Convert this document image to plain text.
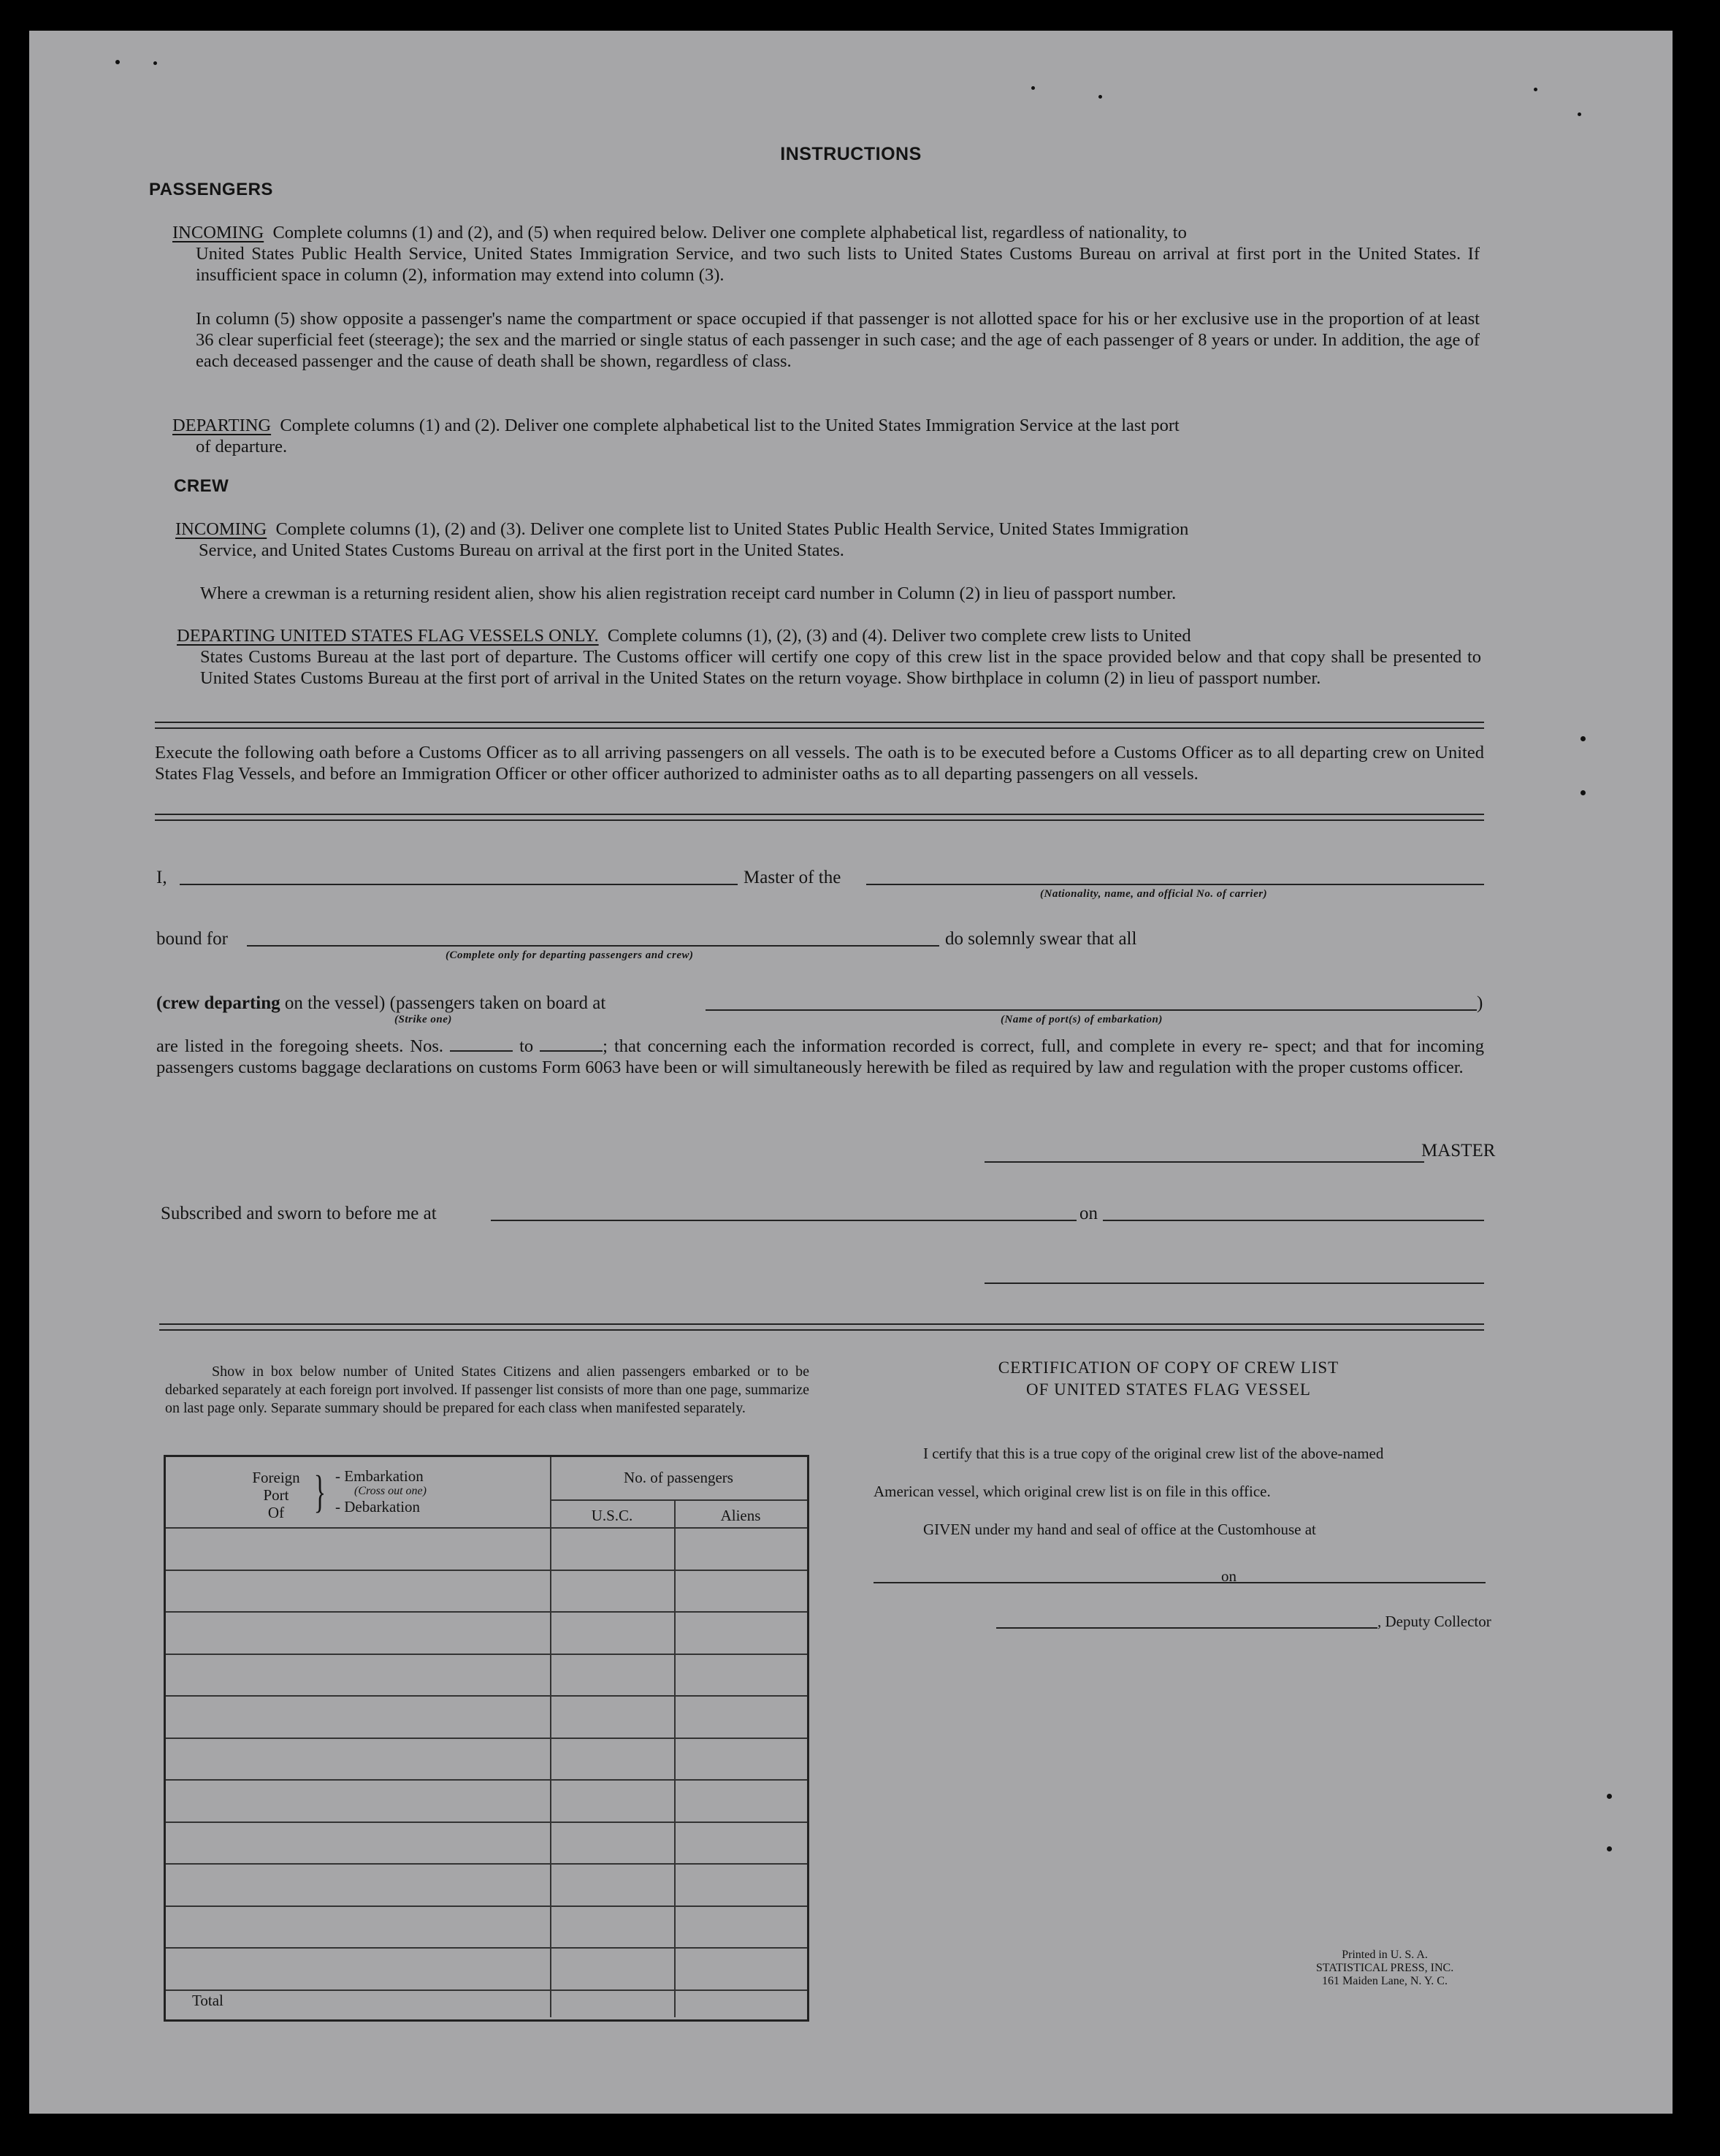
INSTRUCTIONS
PASSENGERS
INCOMING Complete columns (1) and (2), and (5) when required below. Deliver one complete alphabetical list, regardless of nationality, to
United States Public Health Service, United States Immigration Service, and two such lists to United States Customs Bureau on arrival at first port in the United States. If insufficient space in column (2), information may extend into column (3).
In column (5) show opposite a passenger's name the compartment or space occupied if that passenger is not allotted space for his or her exclusive use in the proportion of at least 36 clear superficial feet (steerage); the sex and the married or single status of each passenger in such case; and the age of each passenger of 8 years or under. In addition, the age of each deceased passenger and the cause of death shall be shown, regardless of class.
DEPARTING Complete columns (1) and (2). Deliver one complete alphabetical list to the United States Immigration Service at the last port
of departure.
CREW
INCOMING Complete columns (1), (2) and (3). Deliver one complete list to United States Public Health Service, United States Immigration
Service, and United States Customs Bureau on arrival at the first port in the United States.
Where a crewman is a returning resident alien, show his alien registration receipt card number in Column (2) in lieu of passport number.
DEPARTING UNITED STATES FLAG VESSELS ONLY. Complete columns (1), (2), (3) and (4). Deliver two complete crew lists to United
States Customs Bureau at the last port of departure. The Customs officer will certify one copy of this crew list in the space provided below and that copy shall be presented to United States Customs Bureau at the first port of arrival in the United States on the return voyage. Show birthplace in column (2) in lieu of passport number.
Execute the following oath before a Customs Officer as to all arriving passengers on all vessels. The oath is to be executed before a Customs Officer as to all departing crew on United States Flag Vessels, and before an Immigration Officer or other officer authorized to administer oaths as to all departing passengers on all vessels.
I,	Master of the
(Nationality, name, and official No. of carrier)
bound for
(Complete only for departing passengers and crew)
do solemnly swear that all
(crew departing on the vessel) (passengers taken on board at	)
(Strike one)	(Name of port(s) of embarkation)
are listed in the foregoing sheets. Nos.	to	; that concerning each the information recorded is correct, full, and complete in every re- spect; and that for incoming passengers customs baggage declarations on customs Form 6063 have been or will simultaneously herewith be filed as required by law and regulation with the proper customs officer.
MASTER
Subscribed and sworn to before me at	on
Show in box below number of United States Citizens and alien passengers embarked or to be debarked separately at each foreign port involved. If passenger list consists of more than one page, summarize on last page only. Separate summary should be prepared for each class when manifested separately.
Foreign
Port
Of } - Embarkation
(Cross out one)
- Debarkation
No. of passengers
U.S.C.	Aliens
Total
CERTIFICATION OF COPY OF CREW LIST
OF UNITED STATES FLAG VESSEL
I certify that this is a true copy of the original crew list of the above-named
American vessel, which original crew list is on file in this office.
GIVEN under my hand and seal of office at the Customhouse at
on
, Deputy Collector
Printed in U. S. A.
STATISTICAL PRESS, INC.
161 Maiden Lane, N. Y. C.
